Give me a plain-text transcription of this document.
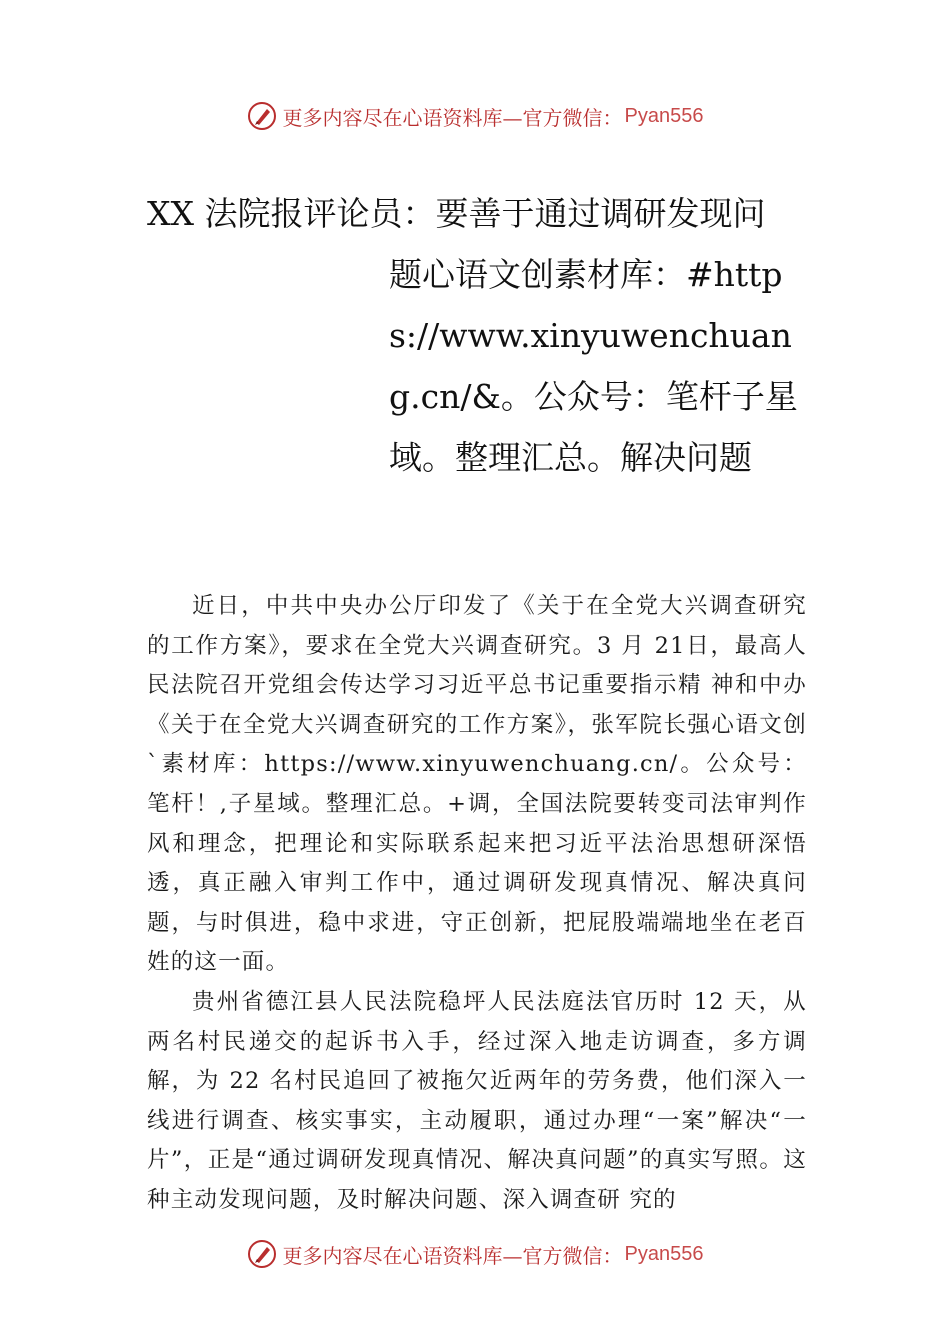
更多内容尽在心语资料库—官方微信： Pyan556
XX 法院报评论员：要善于通过调研发现问
题心语文创素材库：#https://www.xinyuwenchuang.cn/&。公众号：笔杆子星域。整理汇总。解决问题

近日，中共中央办公厅印发了《关于在全党大兴调查研究的工作方案》，要求在全党大兴调查研究。3 月 21日，最高人民法院召开党组会传达学习习近平总书记重要指示精 神和中办《关于在全党大兴调查研究的工作方案》，张军院长强心语文创`素材库：https://www.xinyuwenchuang.cn/。公众号：笔杆！,子星域。整理汇总。+调，全国法院要转变司法审判作风和理念，把理论和实际联系起来把习近平法治思想研深悟透，真正融入审判工作中，通过调研发现真情况、解决真问题，与时俱进，稳中求进，守正创新，把屁股端端地坐在老百姓的这一面。

贵州省德江县人民法院稳坪人民法庭法官历时 12 天，从两名村民递交的起诉书入手，经过深入地走访调查，多方调解，为 22 名村民追回了被拖欠近两年的劳务费，他们深入一线进行调查、核实事实，主动履职，通过办理“一案”解决“一片”，正是“通过调研发现真情况、解决真问题”的真实写照。这种主动发现问题，及时解决问题、深入调查研 究的

更多内容尽在心语资料库—官方微信： Pyan556
